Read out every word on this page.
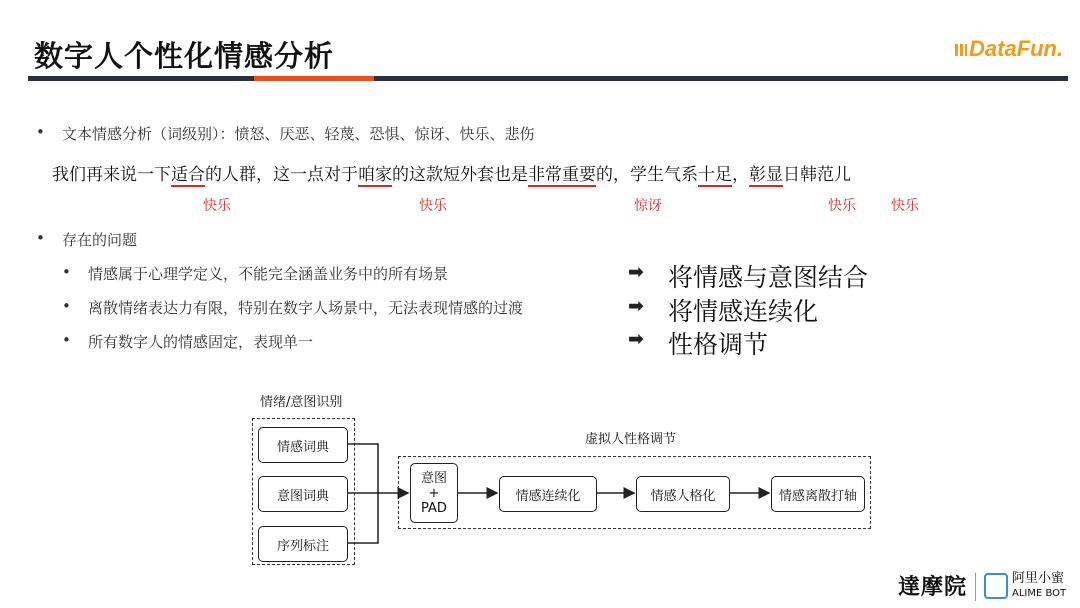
数字人个性化情感分析	DataFun.
• 文本情感分析（词级别）：愤怒、厌恶、轻蔑、恐惧、惊讶、快乐、悲伤
我们再来说一下适合的人群，这一点对于咱家的这款短外套也是非常重要的，学生气系十足，彰显日韩范儿
快乐	快乐	惊讶	快乐	快乐
• 存在的问题
• 情感属于心理学定义，不能完全涵盖业务中的所有场景
• 离散情绪表达力有限，特别在数字人场景中，无法表现情感的过渡
• 所有数字人的情感固定，表现单一
➡ 将情感与意图结合
➡ 将情感连续化
➡ 性格调节
情绪/意图识别
虚拟人性格调节
情感词典
意图词典
序列标注
意图
+
PAD
情感连续化	情感人格化	情感离散打轴
達摩院	阿里小蜜
ALIME BOT
